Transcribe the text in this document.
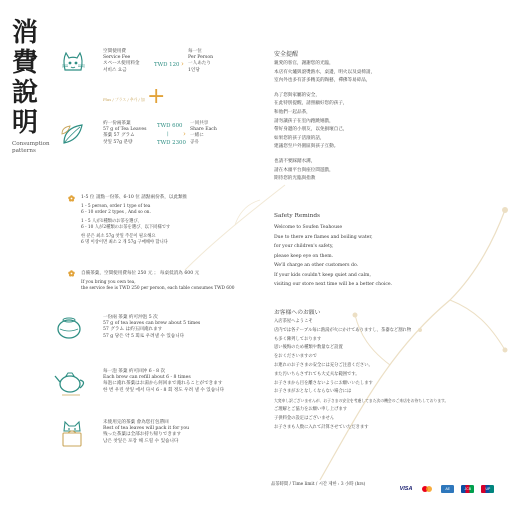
消
費
說
明
Consumption
patterns
空間使用費
Service Fee
スペース使用料金
서비스 요금
TWD 120 ›
每一位
Per Person
一人あたり
1인당
Plus / プラス / 추가 / 加 +
約一份兩茶葉
57 g of Tea Leaves
茶葉 57 グラム
찻잎 57g 분량
TWD 600
|
TWD 2300
›
一同共享
Share Each
一緒に
공유
1-5 位 請點一份茶、6-10 位 請點兩份茶，以此類推
1 - 5 person, order 1 type of tea
6 - 10 order 2 types , And so on.
1 - 5 人が1種類のお茶を選び、
6 - 10 人が2種類のお茶を選び、以下同様です
한 분은 최소 57g 찻잎 주문이 필요해요
6 명 이상이면 최소 2 개 57g 구매해야 합니다
自備茶葉，空間使用費每位 250 元 ； 每桌低消為 600 元
If you bring you own tea,
the service fee is TWD 250 per person, each table consumes TWD 600
一份兩 茶葉 約可沖泡 5 次
57 g of tea leaves can brew about 5 times
57 グラム は約五回淹れます
57 g 당은 약 5 회로 우려낼 수 있습니다
每一泡 茶葉 約可回沖 6 - 8 次
Each brew can refill about 6 - 8 times
每泡に淹れ茶葉はお湯から何回まで淹れることができます
한 번 우린 찻잎 에서 다시 6 - 8 회 정도 우려 낼 수 있습니다
未使用完的茶葉 會為您打包帶回
Rest of tea leaves will pack it for you
残った茶葉は全部お持ち帰りできます
남은 찻잎은 포장 해 드릴 수 있습니다
安全提醒
親愛的客官，謝謝您的光臨，
本店有火爐與滾燙熱水，桌邊，明火以及桌椅請，
室內外也多有許多精美的陶藝，禪佛等易碎品，
為了您與家屬的安全，
在此特別提醒，請照顧好您的孩子，
和他們一起品茶，
請勿讓孩子在室內跑跳嬉戲，
帶好身邊的小朋友，以免損壞自己，
如果您的孩子活潑的話，
建議您至戶外園區與孩子互動。
也請不要踩踏水溝，
請在木頭平台與座位間遊戲，
期待您的光臨與指教
Safety Reminds
Welcome to Soufen Teahouse
Due to there are flames and boiling water,
for your children's safety,
please keep eye on them.
We'll charge an other customers do.
If your kids couldn't keep quiet and calm,
visiting our store next time will be a better choice.
お客様へのお願い
入店茶屋へようこそ
店内では各テーブル毎に熱湯が火にかけてありますし、茶器など割れ物
も多く陳列しております
思い後悔のため種類や数量など設置
をおくださいますので
お連れのお子さまの安全には充分ご注意ください。
また汚いちらさずれても大丈夫な範囲です。
お子さまから目を離さないようにお願いいたします
お子さまがおとなしくならない場合には
大変申し訳ございませんが、お子さまの安全を考慮してまた次の機会のご来店をお待ちしております。
ご理解とご協力をお願い申し上げます
子供料金の設定はございません
お子さまも人数に入れて計算させていただきます
品茶時間 / Time limit / 시간 제한 : 3 小時 (hrs)
VISA	AE	JCB	UP
